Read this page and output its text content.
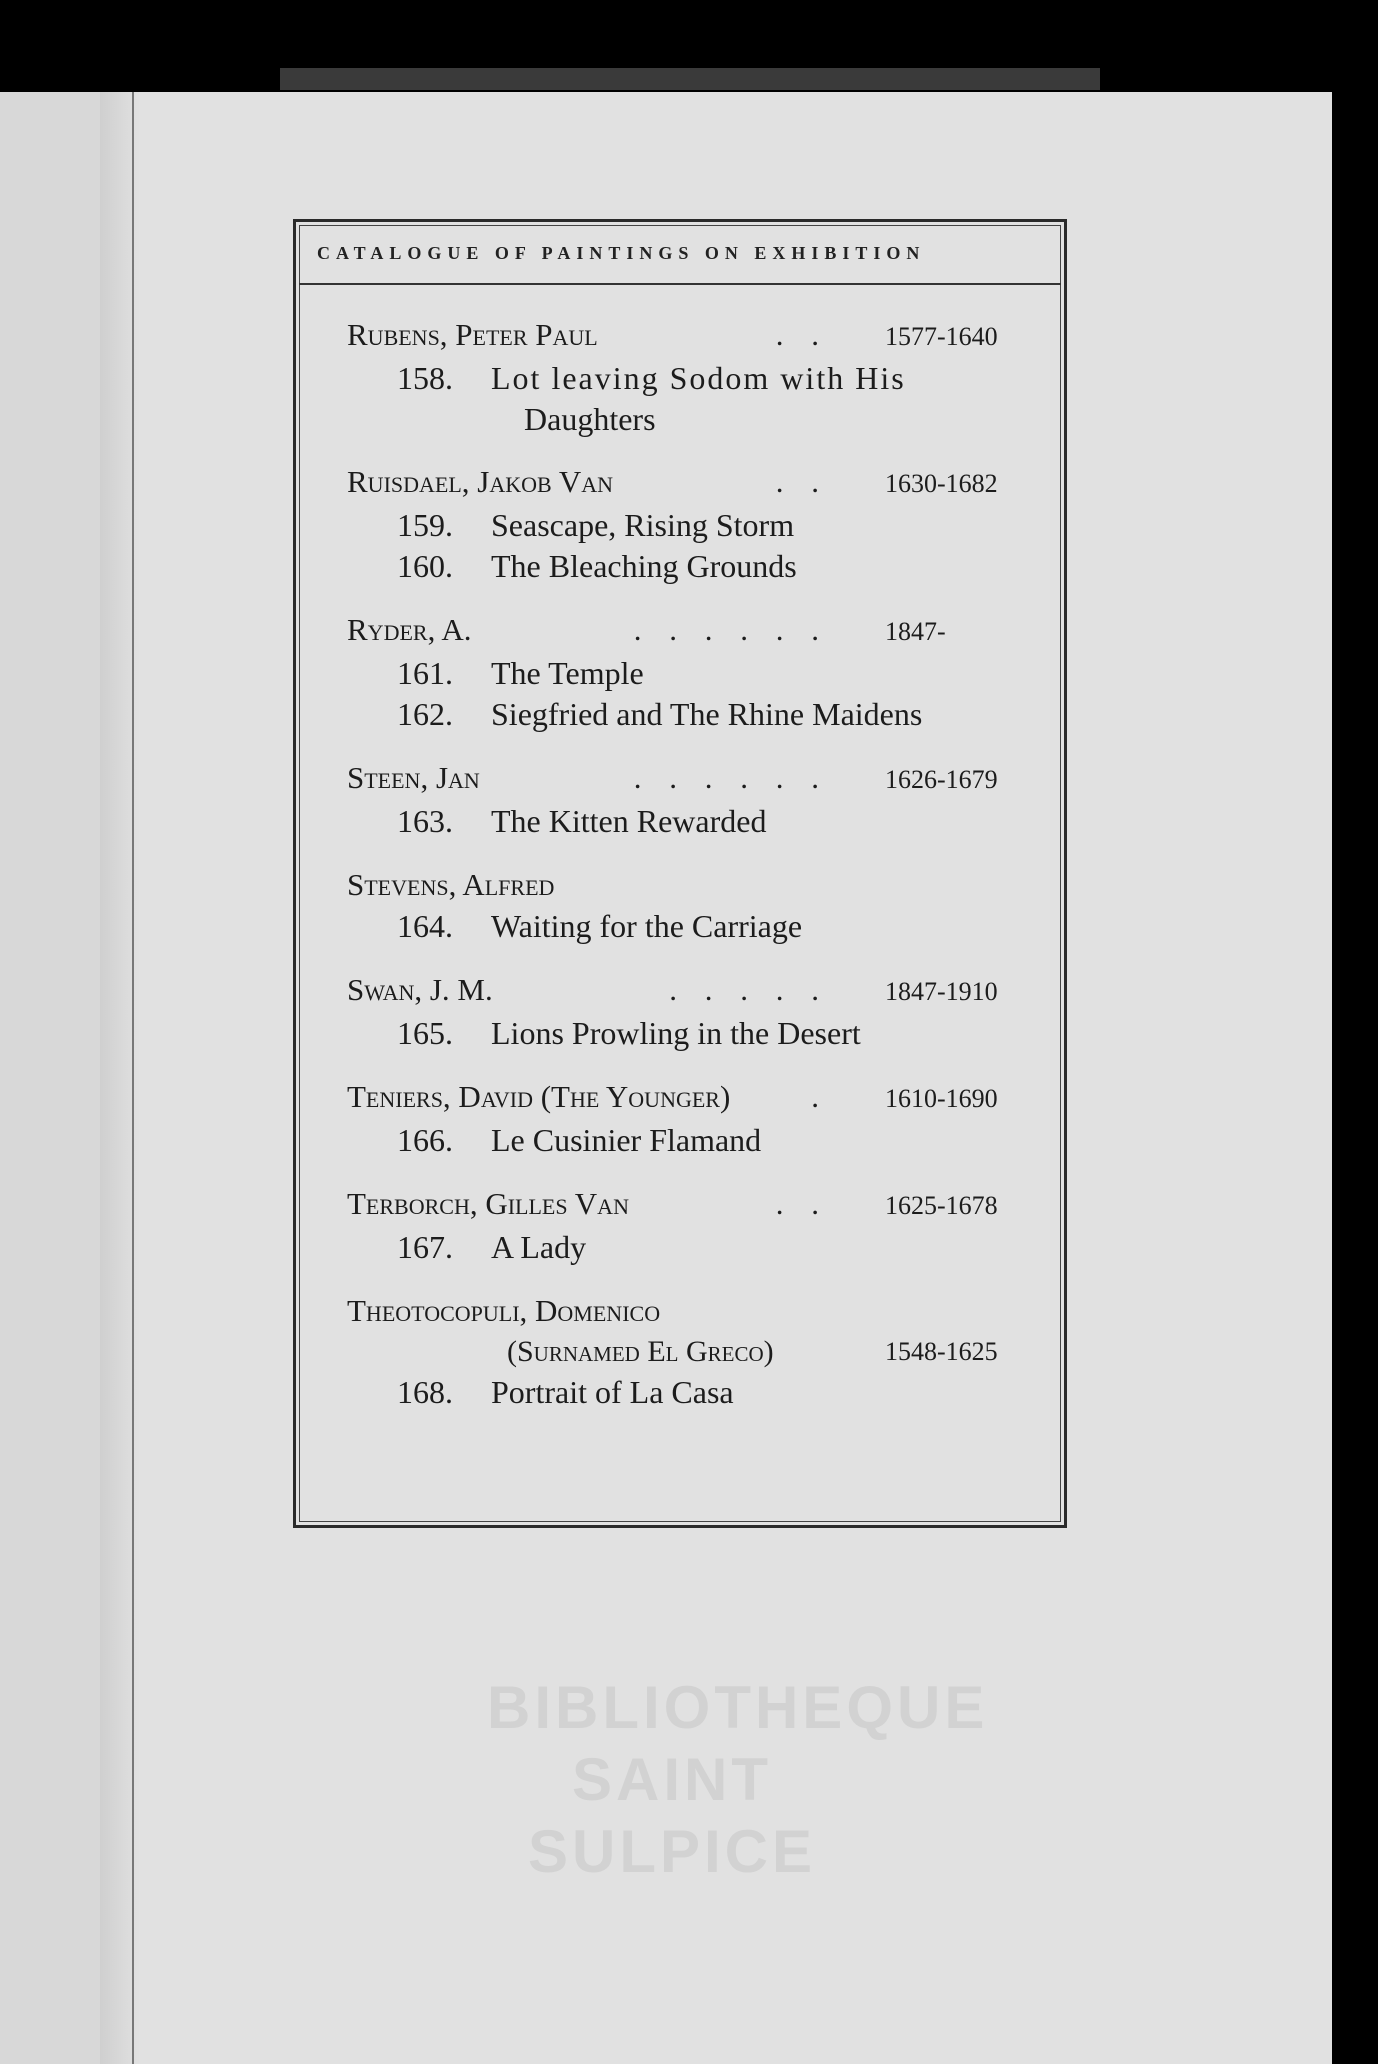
CATALOGUE OF PAINTINGS ON EXHIBITION
Rubens, Peter Paul	. .	1577-1640
158.	Lot leaving Sodom with His
Daughters
Ruisdael, Jakob Van	. .	1630-1682
159.	Seascape, Rising Storm
160.	The Bleaching Grounds
Ryder, A.	. . . . . .	1847-
161.	The Temple
162.	Siegfried and The Rhine Maidens
Steen, Jan	. . . . . .	1626-1679
163.	The Kitten Rewarded
Stevens, Alfred
164.	Waiting for the Carriage
Swan, J. M.	. . . . .	1847-1910
165.	Lions Prowling in the Desert
Teniers, David (The Younger)	.	1610-1690
166.	Le Cusinier Flamand
Terborch, Gilles Van	. .	1625-1678
167.	A Lady
Theotocopuli, Domenico
(Surnamed El Greco)	1548-1625
168.	Portrait of La Casa
BIBLIOTHEQUE
SAINT SULPICE
